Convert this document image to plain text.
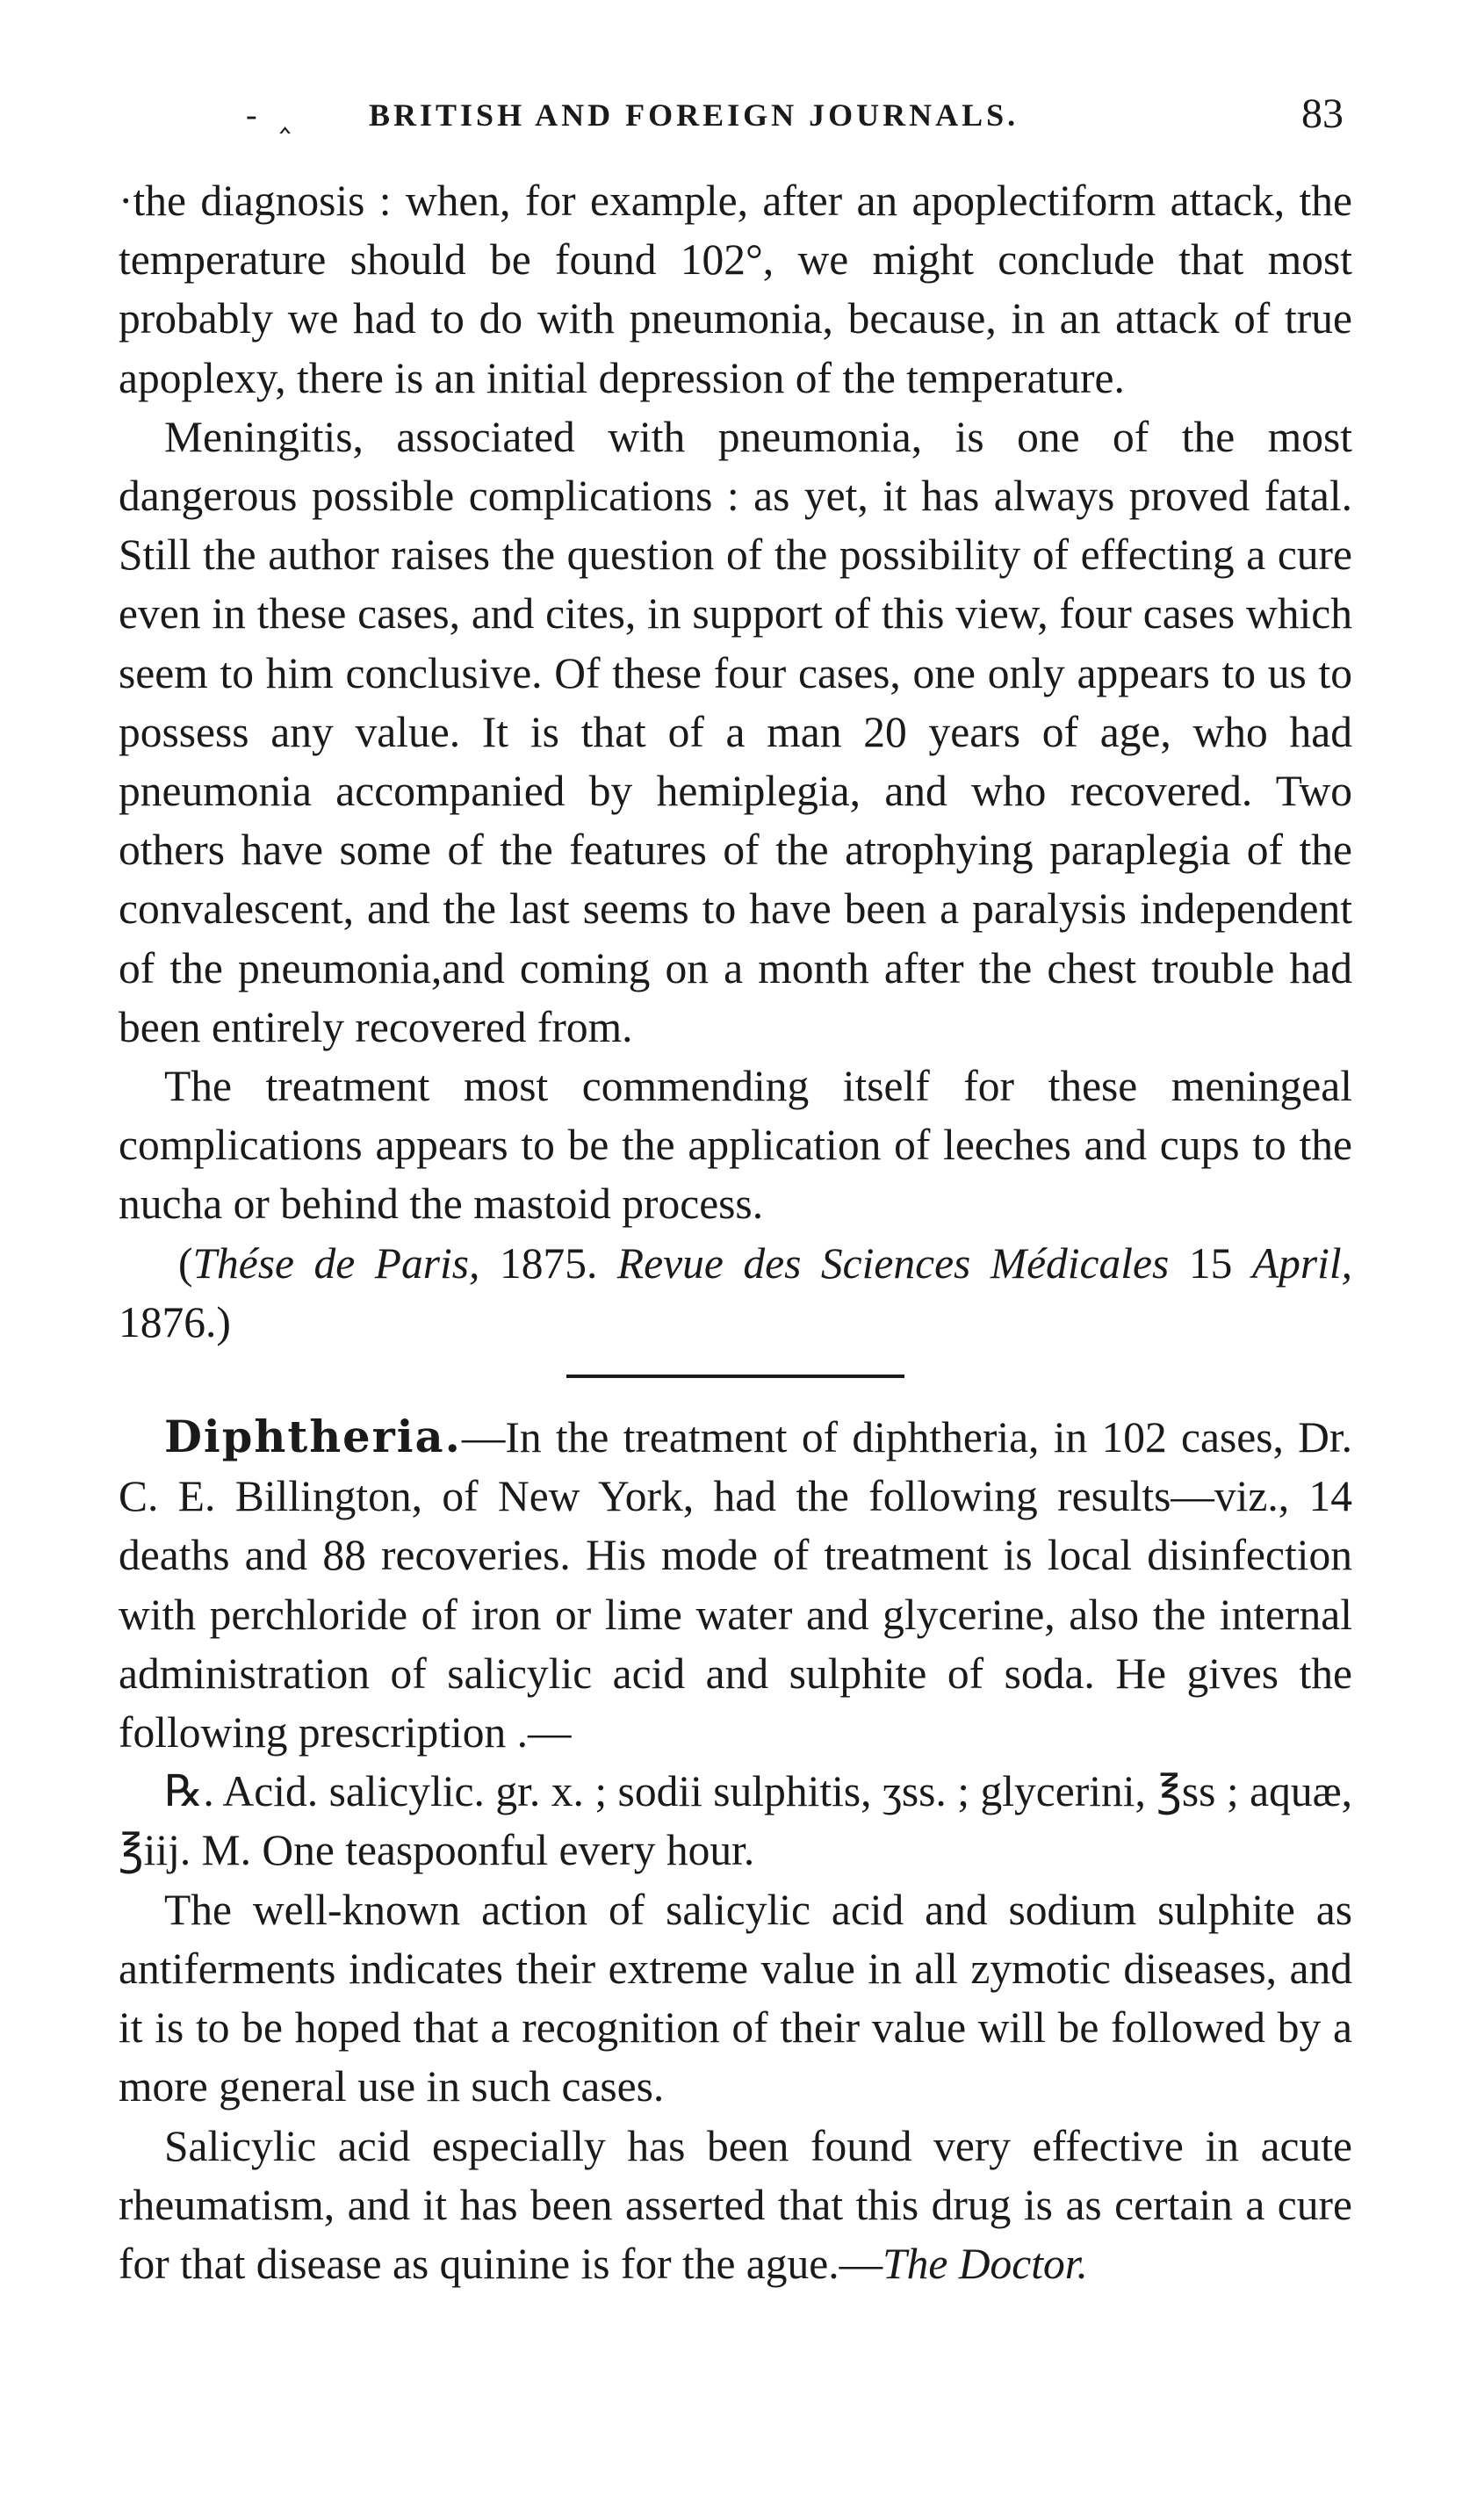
- ‸ BRITISH AND FOREIGN JOURNALS.	83

·the diagnosis : when, for example, after an apoplectiform attack, the temperature should be found 102°, we might conclude that most probably we had to do with pneumonia, because, in an attack of true apoplexy, there is an initial depression of the temperature.

Meningitis, associated with pneumonia, is one of the most dangerous possible complications : as yet, it has always proved fatal. Still the author raises the question of the possibility of effecting a cure even in these cases, and cites, in support of this view, four cases which seem to him conclusive. Of these four cases, one only appears to us to possess any value. It is that of a man 20 years of age, who had pneumonia accompanied by hemiplegia, and who recovered. Two others have some of the features of the atrophying paraplegia of the convalescent, and the last seems to have been a paralysis independent of the pneumonia,and coming on a month after the chest trouble had been entirely recovered from.

The treatment most commending itself for these meningeal complications appears to be the application of leeches and cups to the nucha or behind the mastoid process.

(Thése de Paris, 1875. Revue des Sciences Médicales 15 April, 1876.)

Diphtheria.—In the treatment of diphtheria, in 102 cases, Dr. C. E. Billington, of New York, had the following results—viz., 14 deaths and 88 recoveries. His mode of treatment is local disinfection with perchloride of iron or lime water and glycerine, also the internal administration of salicylic acid and sulphite of soda. He gives the following prescription .—

℞. Acid. salicylic. gr. x. ; sodii sulphitis, ʒss. ; glycerini, ℥ss ; aquæ, ℥iij. M. One teaspoonful every hour.

The well-known action of salicylic acid and sodium sulphite as antiferments indicates their extreme value in all zymotic diseases, and it is to be hoped that a recognition of their value will be followed by a more general use in such cases.

Salicylic acid especially has been found very effective in acute rheumatism, and it has been asserted that this drug is as certain a cure for that disease as quinine is for the ague.—The Doctor.
